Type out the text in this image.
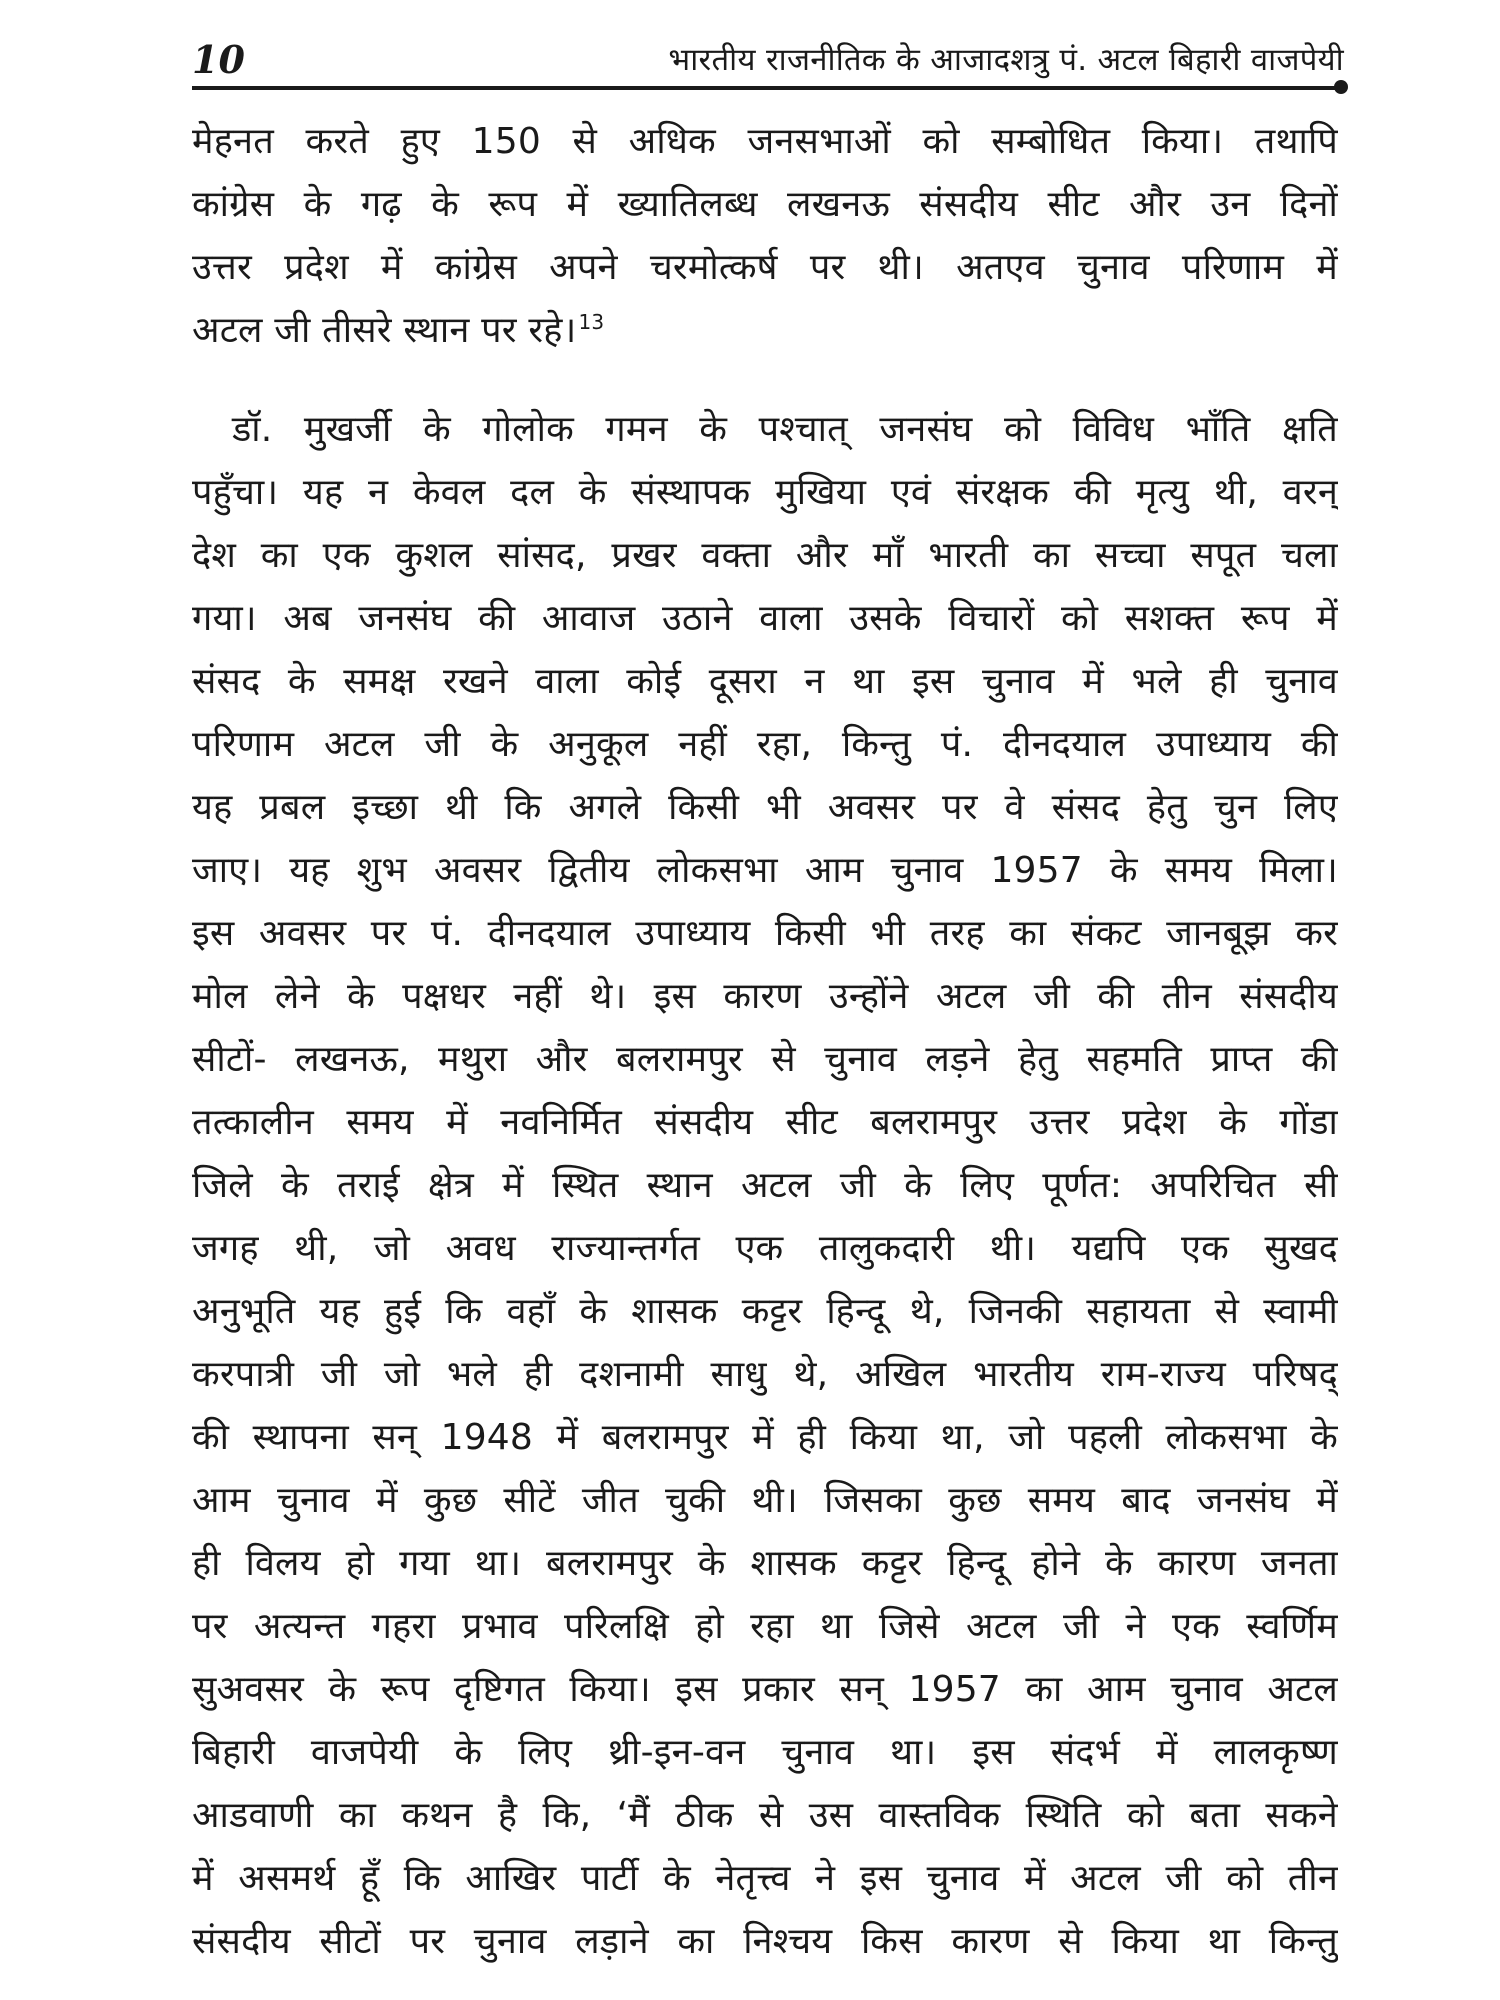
10	भारतीय राजनीतिक के आजादशत्रु पं. अटल बिहारी वाजपेयी
मेहनत करते हुए 150 से अधिक जनसभाओं को सम्बोधित किया। तथापि
कांग्रेस के गढ़ के रूप में ख्यातिलब्ध लखनऊ संसदीय सीट और उन दिनों
उत्तर प्रदेश में कांग्रेस अपने चरमोत्कर्ष पर थी। अतएव चुनाव परिणाम में
अटल जी तीसरे स्थान पर रहे। $^{13}$
डॉ. मुखर्जी के गोलोक गमन के पश्चात् जनसंघ को विविध भाँति क्षति
पहुँचा। यह न केवल दल के संस्थापक मुखिया एवं संरक्षक की मृत्यु थी, वरन्
देश का एक कुशल सांसद, प्रखर वक्ता और माँ भारती का सच्चा सपूत चला
गया। अब जनसंघ की आवाज उठाने वाला उसके विचारों को सशक्त रूप में
संसद के समक्ष रखने वाला कोई दूसरा न था इस चुनाव में भले ही चुनाव
परिणाम अटल जी के अनुकूल नहीं रहा, किन्तु पं. दीनदयाल उपाध्याय की
यह प्रबल इच्छा थी कि अगले किसी भी अवसर पर वे संसद हेतु चुन लिए
जाए। यह शुभ अवसर द्वितीय लोकसभा आम चुनाव 1957 के समय मिला।
इस अवसर पर पं. दीनदयाल उपाध्याय किसी भी तरह का संकट जानबूझ कर
मोल लेने के पक्षधर नहीं थे। इस कारण उन्होंने अटल जी की तीन संसदीय
सीटों- लखनऊ, मथुरा और बलरामपुर से चुनाव लड़ने हेतु सहमति प्राप्त की
तत्कालीन समय में नवनिर्मित संसदीय सीट बलरामपुर उत्तर प्रदेश के गोंडा
जिले के तराई क्षेत्र में स्थित स्थान अटल जी के लिए पूर्णत: अपरिचित सी
जगह थी, जो अवध राज्यान्तर्गत एक तालुकदारी थी। यद्यपि एक सुखद
अनुभूति यह हुई कि वहाँ के शासक कट्टर हिन्दू थे, जिनकी सहायता से स्वामी
करपात्री जी जो भले ही दशनामी साधु थे, अखिल भारतीय राम-राज्य परिषद्
की स्थापना सन् 1948 में बलरामपुर में ही किया था, जो पहली लोकसभा के
आम चुनाव में कुछ सीटें जीत चुकी थी। जिसका कुछ समय बाद जनसंघ में
ही विलय हो गया था। बलरामपुर के शासक कट्टर हिन्दू होने के कारण जनता
पर अत्यन्त गहरा प्रभाव परिलक्षि हो रहा था जिसे अटल जी ने एक स्वर्णिम
सुअवसर के रूप दृष्टिगत किया। इस प्रकार सन् 1957 का आम चुनाव अटल
बिहारी वाजपेयी के लिए थ्री-इन-वन चुनाव था। इस संदर्भ में लालकृष्ण
आडवाणी का कथन है कि, ‘मैं ठीक से उस वास्तविक स्थिति को बता सकने
में असमर्थ हूँ कि आखिर पार्टी के नेतृत्त्व ने इस चुनाव में अटल जी को तीन
संसदीय सीटों पर चुनाव लड़ाने का निश्चय किस कारण से किया था किन्तु
